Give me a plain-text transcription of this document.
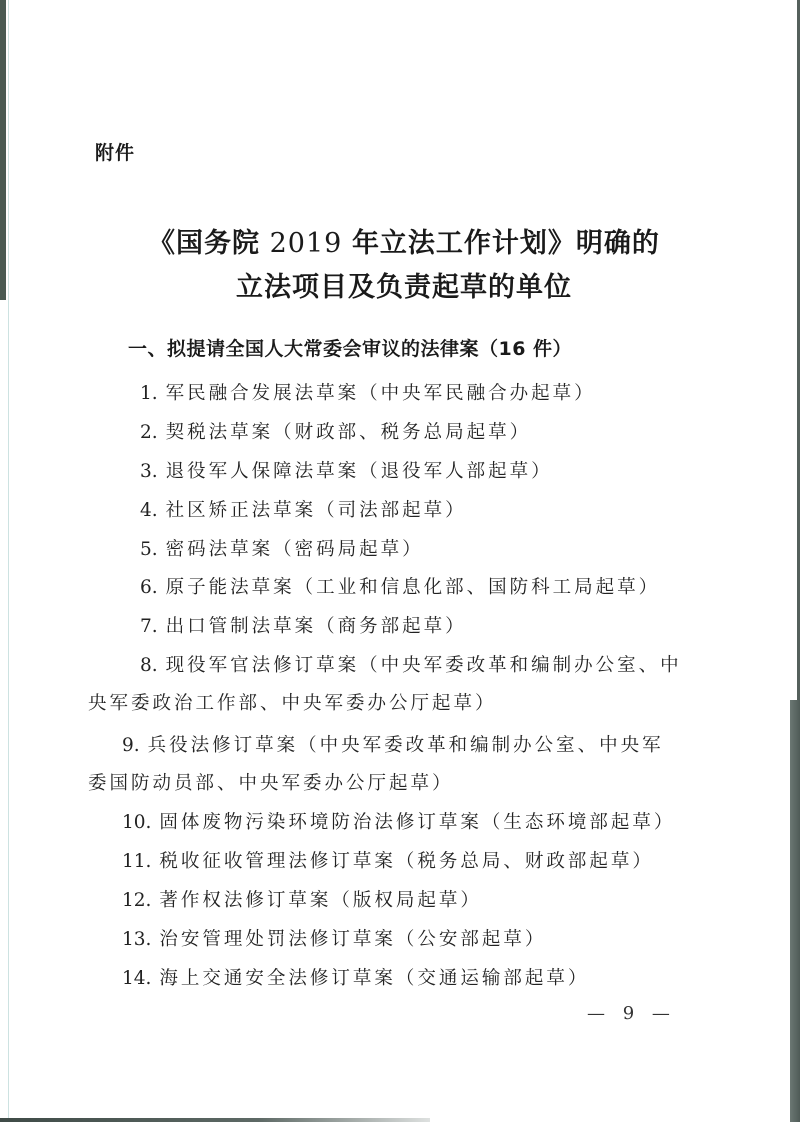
附件
《国务院 2019 年立法工作计划》明确的
立法项目及负责起草的单位
一、拟提请全国人大常委会审议的法律案（16 件）
1. 军民融合发展法草案（中央军民融合办起草）
2. 契税法草案（财政部、税务总局起草）
3. 退役军人保障法草案（退役军人部起草）
4. 社区矫正法草案（司法部起草）
5. 密码法草案（密码局起草）
6. 原子能法草案（工业和信息化部、国防科工局起草）
7. 出口管制法草案（商务部起草）
8. 现役军官法修订草案（中央军委改革和编制办公室、中
央军委政治工作部、中央军委办公厅起草）
9. 兵役法修订草案（中央军委改革和编制办公室、中央军
委国防动员部、中央军委办公厅起草）
10. 固体废物污染环境防治法修订草案（生态环境部起草）
11. 税收征收管理法修订草案（税务总局、财政部起草）
12. 著作权法修订草案（版权局起草）
13. 治安管理处罚法修订草案（公安部起草）
14. 海上交通安全法修订草案（交通运输部起草）
— 9 —
